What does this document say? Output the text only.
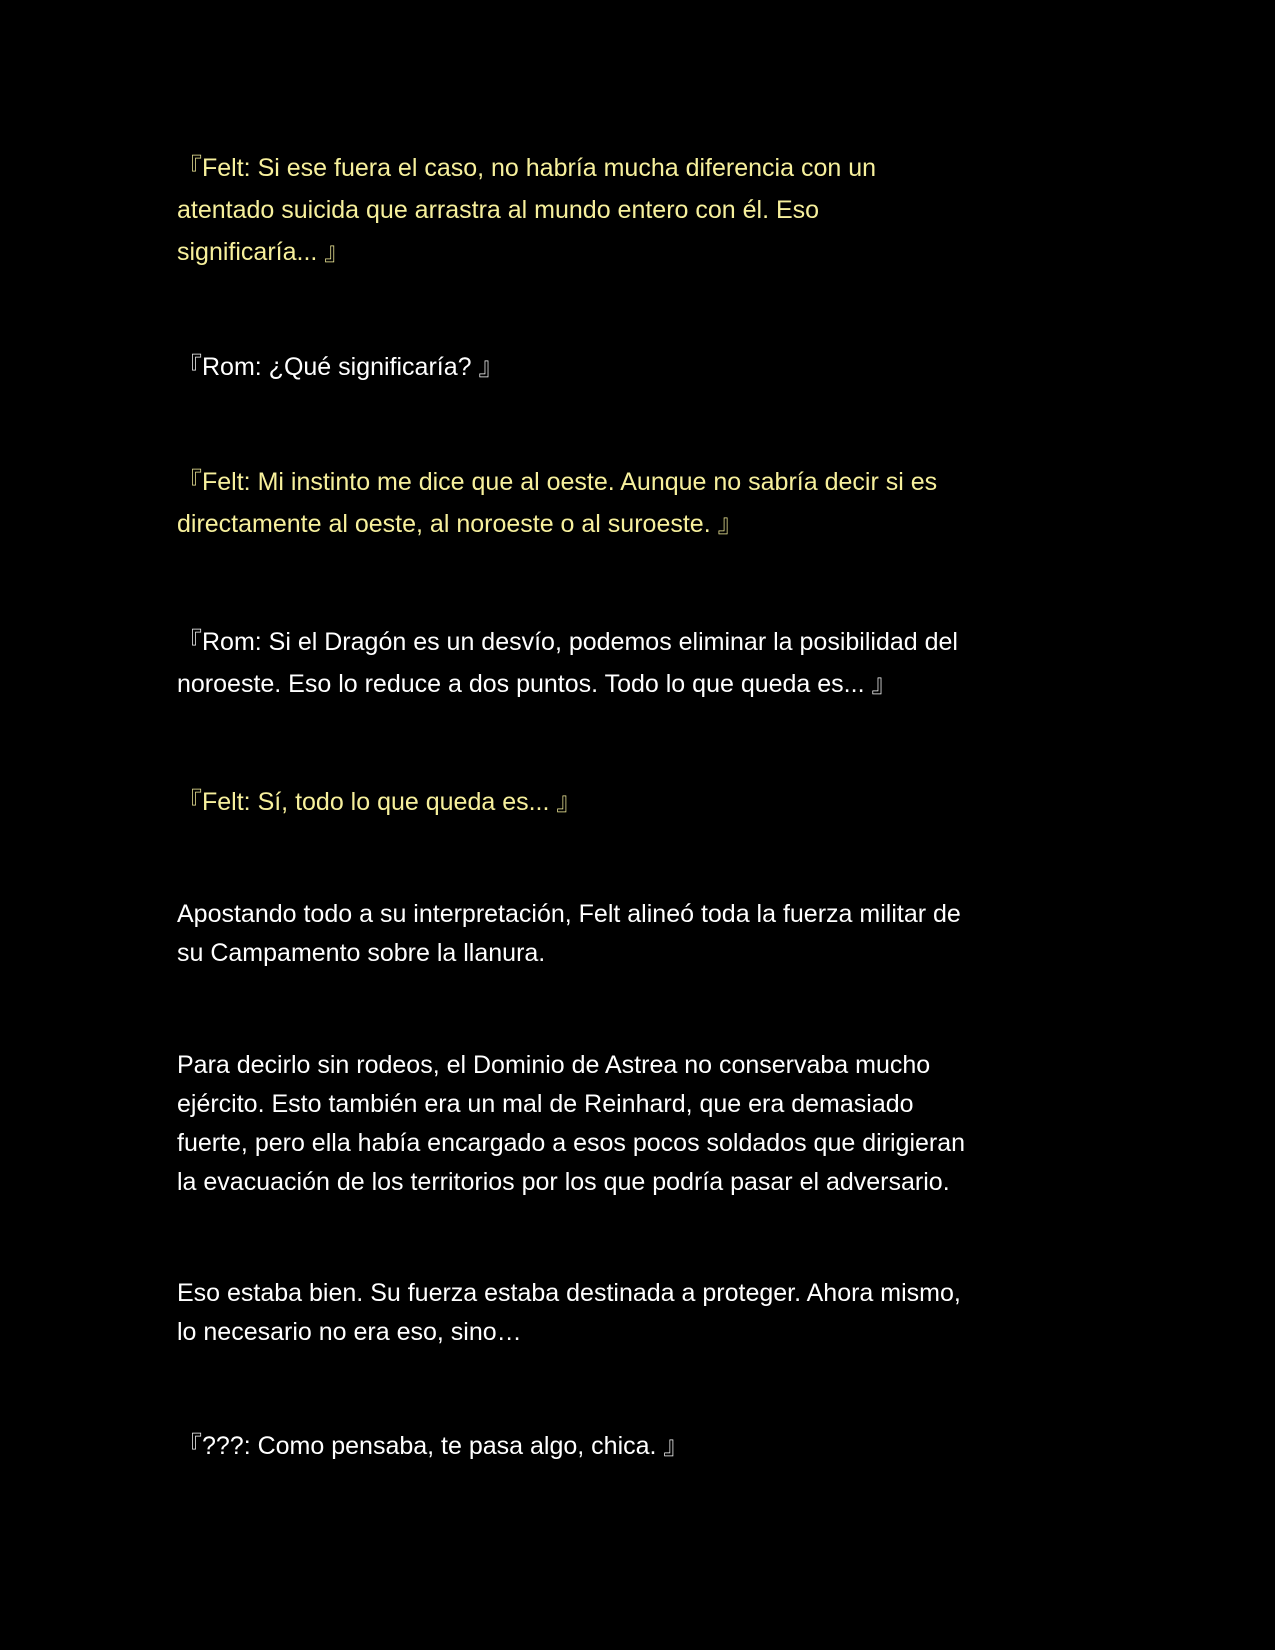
『Felt: Si ese fuera el caso, no habría mucha diferencia con un
atentado suicida que arrastra al mundo entero con él. Eso
significaría... 』

『Rom: ¿Qué significaría? 』

『Felt: Mi instinto me dice que al oeste. Aunque no sabría decir si es
directamente al oeste, al noroeste o al suroeste. 』

『Rom: Si el Dragón es un desvío, podemos eliminar la posibilidad del
noroeste. Eso lo reduce a dos puntos. Todo lo que queda es... 』

『Felt: Sí, todo lo que queda es... 』

Apostando todo a su interpretación, Felt alineó toda la fuerza militar de
su Campamento sobre la llanura.

Para decirlo sin rodeos, el Dominio de Astrea no conservaba mucho
ejército. Esto también era un mal de Reinhard, que era demasiado
fuerte, pero ella había encargado a esos pocos soldados que dirigieran
la evacuación de los territorios por los que podría pasar el adversario.

Eso estaba bien. Su fuerza estaba destinada a proteger. Ahora mismo,
lo necesario no era eso, sino…

『???: Como pensaba, te pasa algo, chica. 』
